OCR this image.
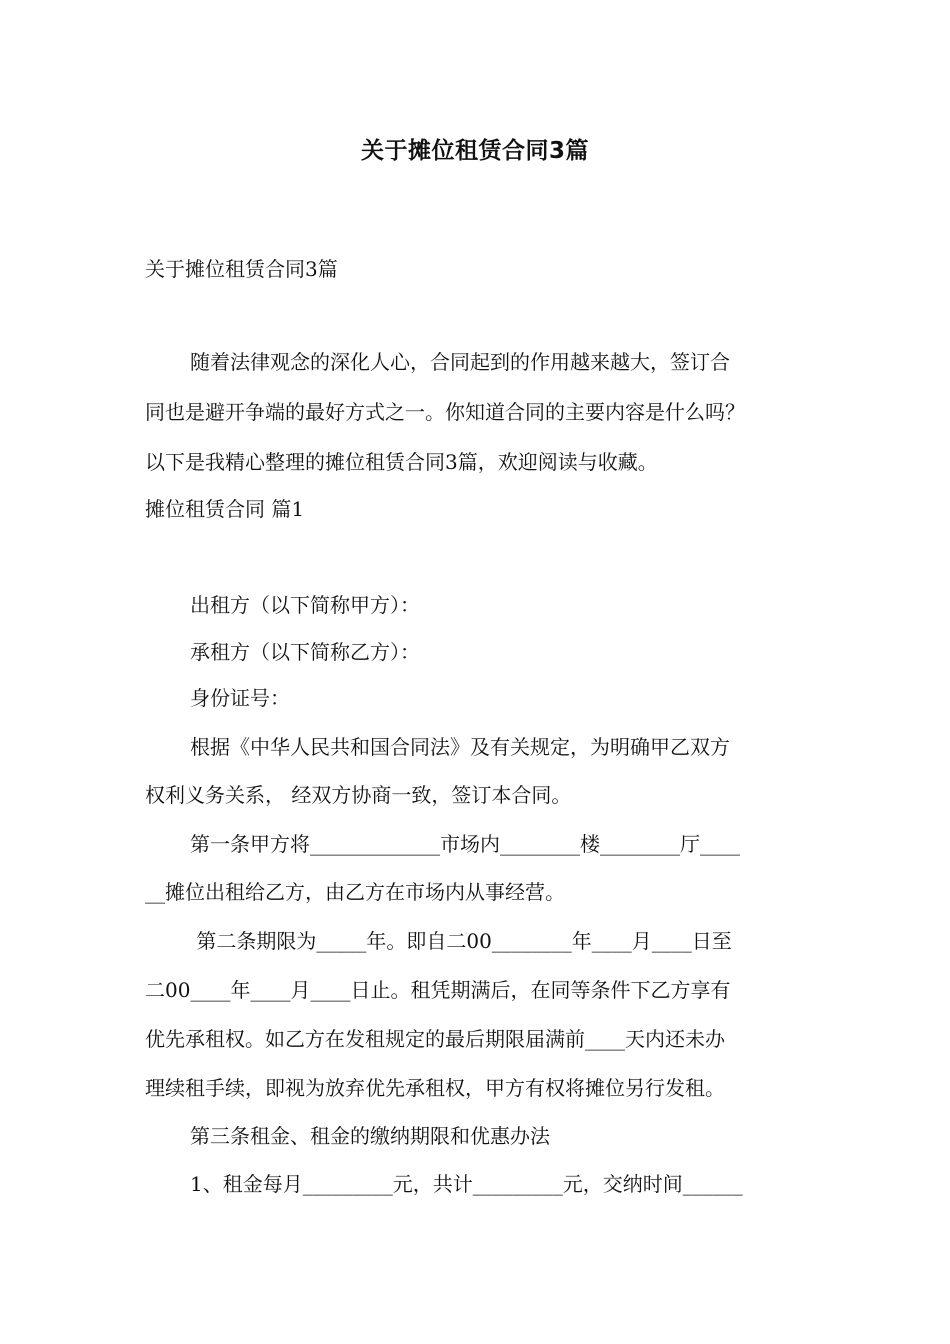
关于摊位租赁合同3篇
关于摊位租赁合同3篇
随着法律观念的深化人心，合同起到的作用越来越大，签订合
同也是避开争端的最好方式之一。你知道合同的主要内容是什么吗？
以下是我精心整理的摊位租赁合同3篇，欢迎阅读与收藏。
摊位租赁合同 篇1
出租方（以下简称甲方）：
承租方（以下简称乙方）：
身份证号：
根据《中华人民共和国合同法》及有关规定，为明确甲乙双方
权利义务关系， 经双方协商一致，签订本合同。
第一条甲方将_____________市场内________楼________厅____
__摊位出租给乙方，由乙方在市场内从事经营。
第二条期限为_____年。即自二00________年____月____日至
二00____年____月____日止。租凭期满后，在同等条件下乙方享有
优先承租权。如乙方在发租规定的最后期限届满前____天内还未办
理续租手续，即视为放弃优先承租权，甲方有权将摊位另行发租。
第三条租金、租金的缴纳期限和优惠办法
1、租金每月_________元，共计_________元，交纳时间______
